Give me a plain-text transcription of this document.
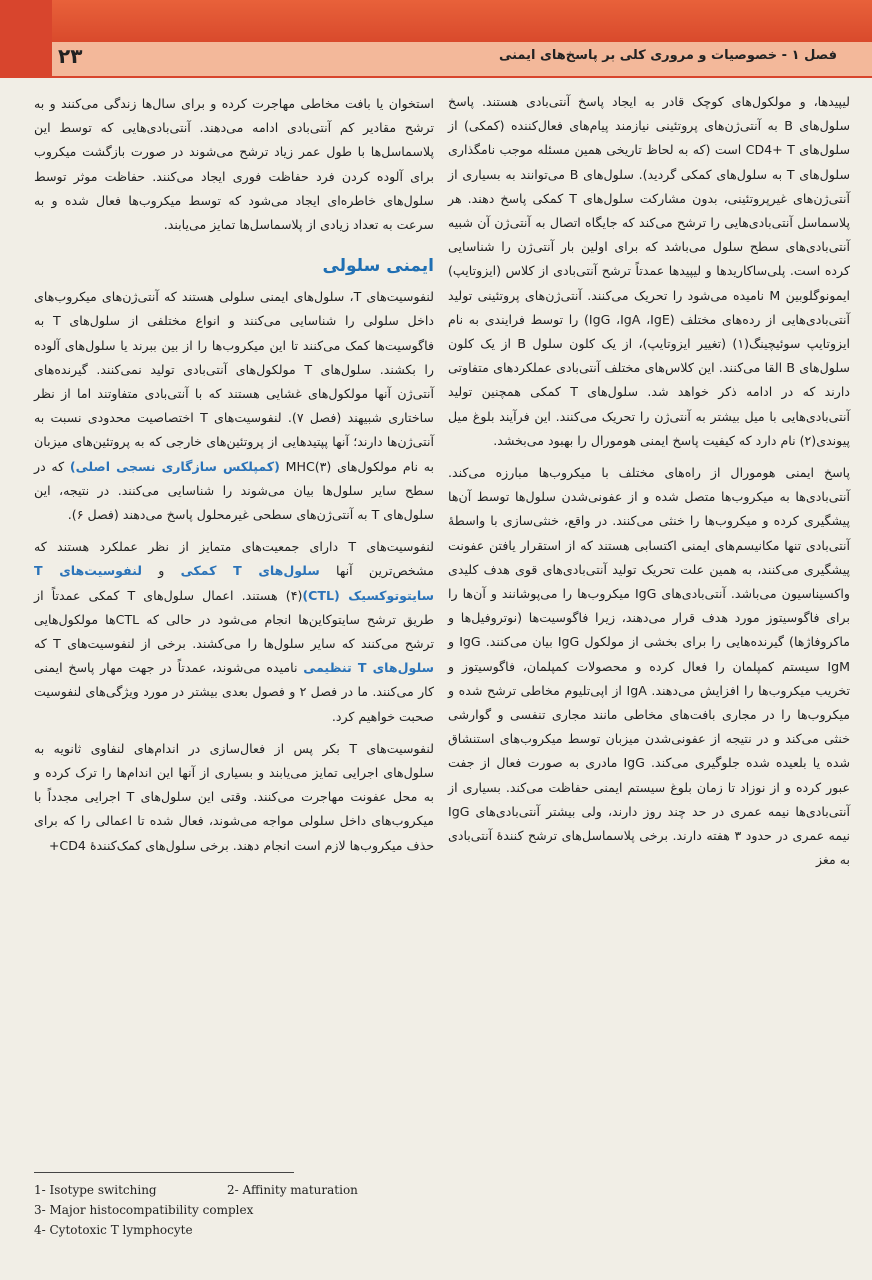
۲۳	فصل ۱ - خصوصیات و مروری کلی بر پاسخ‌های ایمنی

لیپیدها، و مولکول‌های کوچک قادر به ایجاد پاسخ آنتی‌بادی هستند. پاسخ سلول‌های B به آنتی‌ژن‌های پروتئینی نیازمند پیام‌های فعال‌کننده (کمکی) از سلول‌های CD4+ T است (که به لحاظ تاریخی همین مسئله موجب نامگذاری سلول‌های T به سلول‌های کمکی گردید). سلول‌های B می‌توانند به بسیاری از آنتی‌ژن‌های غیرپروتئینی، بدون مشارکت سلول‌های T کمکی پاسخ دهند. هر پلاسماسل آنتی‌بادی‌هایی را ترشح می‌کند که جایگاه اتصال به آنتی‌ژن آن شبیه آنتی‌بادی‌های سطح سلول می‌باشد که برای اولین بار آنتی‌ژن را شناسایی کرده است. پلی‌ساکاریدها و لیپیدها عمدتاً ترشح آنتی‌بادی از کلاس (ایزوتایپ) ایمونوگلوبین M نامیده می‌شود را تحریک می‌کنند. آنتی‌ژن‌های پروتئینی تولید آنتی‌بادی‌هایی از رده‌های مختلف (IgG ،IgA ،IgE) را توسط فرایندی به نام ایزوتایپ سوئیچینگ(۱) (تغییر ایزوتایپ)، از یک کلون سلول B از یک کلون سلول‌های B القا می‌کنند. این کلاس‌های مختلف آنتی‌بادی عملکردهای متفاوتی دارند که در ادامه ذکر خواهد شد. سلول‌های T کمکی همچنین تولید آنتی‌بادی‌هایی با میل بیشتر به آنتی‌ژن را تحریک می‌کنند. این فرآیند بلوغ میل پیوندی(۲) نام دارد که کیفیت پاسخ ایمنی هومورال را بهبود می‌بخشد.

پاسخ ایمنی هومورال از راه‌های مختلف با میکروب‌ها مبارزه می‌کند. آنتی‌بادی‌ها به میکروب‌ها متصل شده و از عفونی‌شدن سلول‌ها توسط آن‌ها پیشگیری کرده و میکروب‌ها را خنثی می‌کنند. در واقع، خنثی‌سازی با واسطهٔ آنتی‌بادی تنها مکانیسم‌های ایمنی اکتسابی هستند که از استقرار یافتن عفونت پیشگیری می‌کنند، به همین علت تحریک تولید آنتی‌بادی‌های قوی هدف کلیدی واکسیناسیون می‌باشد. آنتی‌بادی‌های IgG میکروب‌ها را می‌پوشانند و آن‌ها را برای فاگوسیتوز مورد هدف قرار می‌دهند، زیرا فاگوسیت‌ها (نوتروفیل‌ها و ماکروفاژها) گیرنده‌هایی را برای بخشی از مولکول IgG بیان می‌کنند. IgG و IgM سیستم کمپلمان را فعال کرده و محصولات کمپلمان، فاگوسیتوز و تخریب میکروب‌ها را افزایش می‌دهند. IgA از اپی‌تلیوم مخاطی ترشح شده و میکروب‌ها را در مجاری بافت‌های مخاطی مانند مجاری تنفسی و گوارشی خنثی می‌کند و در نتیجه از عفونی‌شدن میزبان توسط میکروب‌های استنشاق شده یا بلعیده شده جلوگیری می‌کند. IgG مادری به صورت فعال از جفت عبور کرده و از نوزاد تا زمان بلوغ سیستم ایمنی حفاظت می‌کند. بسیاری از آنتی‌بادی‌ها نیمه عمری در حد چند روز دارند، ولی بیشتر آنتی‌بادی‌های IgG نیمه عمری در حدود ۳ هفته دارند. برخی پلاسماسل‌های ترشح کنندهٔ آنتی‌بادی به مغز

استخوان یا بافت مخاطی مهاجرت کرده و برای سال‌ها زندگی می‌کنند و به ترشح مقادیر کم آنتی‌بادی ادامه می‌دهند. آنتی‌بادی‌هایی که توسط این پلاسماسل‌ها با طول عمر زیاد ترشح می‌شوند در صورت بازگشت میکروب برای آلوده کردن فرد حفاظت فوری ایجاد می‌کنند. حفاظت موثر توسط سلول‌های خاطره‌ای ایجاد می‌شود که توسط میکروب‌ها فعال شده و به سرعت به تعداد زیادی از پلاسماسل‌ها تمایز می‌یابند.

ایمنی سلولی

لنفوسیت‌های T، سلول‌های ایمنی سلولی هستند که آنتی‌ژن‌های میکروب‌های داخل سلولی را شناسایی می‌کنند و انواع مختلفی از سلول‌های T به فاگوسیت‌ها کمک می‌کنند تا این میکروب‌ها را از بین ببرند یا سلول‌های آلوده را بکشند. سلول‌های T مولکول‌های آنتی‌بادی تولید نمی‌کنند. گیرنده‌های آنتی‌ژن آنها مولکول‌های غشایی هستند که با آنتی‌بادی متفاوتند اما از نظر ساختاری شبیهند (فصل ۷). لنفوسیت‌های T اختصاصیت محدودی نسبت به آنتی‌ژن‌ها دارند؛ آنها پپتیدهایی از پروتئین‌های خارجی که به پروتئین‌های میزبان به نام مولکول‌های MHC(۳) (کمپلکس سازگاری نسجی اصلی) که در سطح سایر سلول‌ها بیان می‌شوند را شناسایی می‌کنند. در نتیجه، این سلول‌های T به آنتی‌ژن‌های سطحی غیرمحلول پاسخ می‌دهند (فصل ۶).

لنفوسیت‌های T دارای جمعیت‌های متمایز از نظر عملکرد هستند که مشخص‌ترین آنها سلول‌های T کمکی و لنفوسیت‌های T سایتوتوکسیک (CTL)(۴) هستند. اعمال سلول‌های T کمکی عمدتاً از طریق ترشح سایتوکاین‌ها انجام می‌شود در حالی که CTLها مولکول‌هایی ترشح می‌کنند که سایر سلول‌ها را می‌کشند. برخی از لنفوسیت‌های T که سلول‌های T تنظیمی نامیده می‌شوند، عمدتاً در جهت مهار پاسخ ایمنی کار می‌کنند. ما در فصل ۲ و فصول بعدی بیشتر در مورد ویژگی‌های لنفوسیت صحبت خواهیم کرد.

لنفوسیت‌های T بکر پس از فعال‌سازی در اندام‌های لنفاوی ثانویه به سلول‌های اجرایی تمایز می‌یابند و بسیاری از آنها این اندام‌ها را ترک کرده و به محل عفونت مهاجرت می‌کنند. وقتی این سلول‌های T اجرایی مجدداً با میکروب‌های داخل سلولی مواجه می‌شوند، فعال شده تا اعمالی را که برای حذف میکروب‌ها لازم است انجام دهند. برخی سلول‌های کمک‌کنندهٔ CD4+

1- Isotype switching	2- Affinity maturation
3- Major histocompatibility complex
4- Cytotoxic T lymphocyte
